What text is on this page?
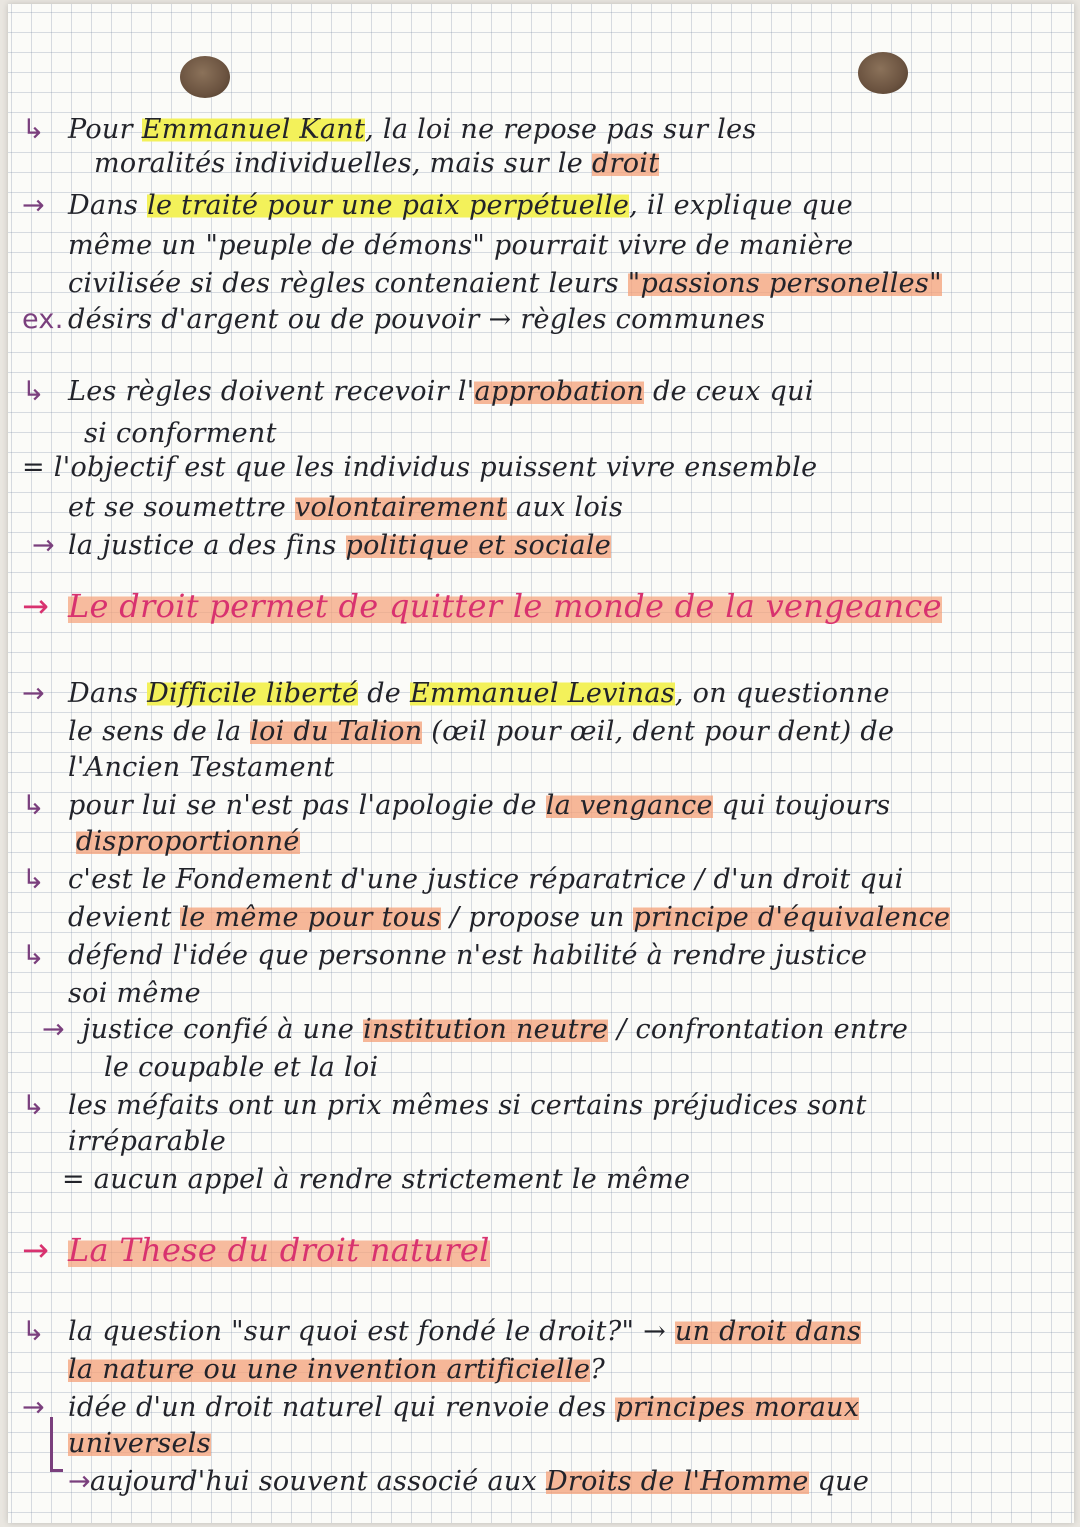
↳ Pour Emmanuel Kant, la loi ne repose pas sur les
moralités individuelles, mais sur le droit
→ Dans le traité pour une paix perpétuelle, il explique que
même un "peuple de démons" pourrait vivre de manière
civilisée si des règles contenaient leurs "passions personelles"
ex. désirs d'argent ou de pouvoir → règles communes
↳ Les règles doivent recevoir l'approbation de ceux qui
si conforment
= l'objectif est que les individus puissent vivre ensemble
et se soumettre volontairement aux lois
→ la justice a des fins politique et sociale
→ Le droit permet de quitter le monde de la vengeance
→ Dans Difficile liberté de Emmanuel Levinas, on questionne
le sens de la loi du Talion (œil pour œil, dent pour dent) de
l'Ancien Testament
↳ pour lui se n'est pas l'apologie de la vengance qui toujours
disproportionné
↳ c'est le Fondement d'une justice réparatrice / d'un droit qui
devient le même pour tous / propose un principe d'équivalence
↳ défend l'idée que personne n'est habilité à rendre justice
soi même
→ justice confié à une institution neutre / confrontation entre
le coupable et la loi
↳ les méfaits ont un prix mêmes si certains préjudices sont
irréparable
= aucun appel à rendre strictement le même
→ La These du droit naturel
↳ la question "sur quoi est fondé le droit?" → un droit dans
la nature ou une invention artificielle?
→ idée d'un droit naturel qui renvoie des principes moraux
universels
→aujourd'hui souvent associé aux Droits de l'Homme que
